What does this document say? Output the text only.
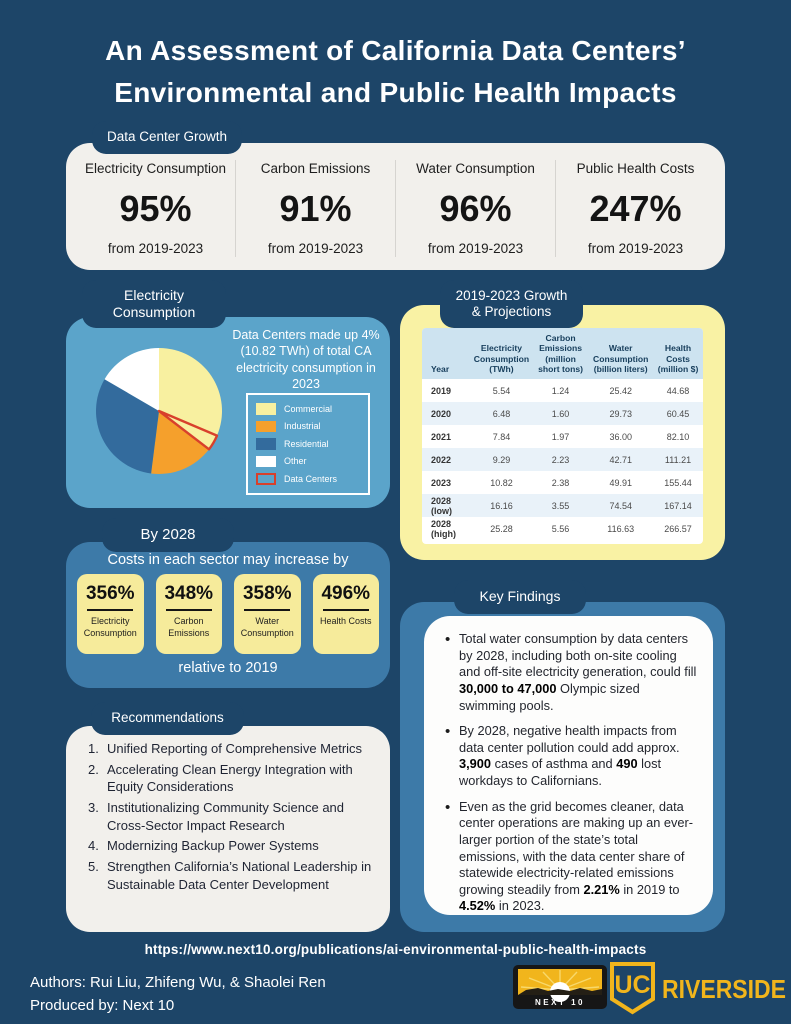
An Assessment of California Data Centers’
Environmental and Public Health Impacts
Data Center Growth
Electricity Consumption
95%
from 2019-2023
Carbon Emissions
91%
from 2019-2023
Water Consumption
96%
from 2019-2023
Public Health Costs
247%
from 2019-2023
Electricity
Consumption
Data Centers made up 4% (10.82 TWh) of total CA electricity consumption in 2023
Commercial
Industrial
Residential
Other
Data Centers
2019-2023 Growth
& Projections
Year	Electricity Consumption (TWh)	Carbon Emissions (million short tons)	Water Consumption (billion liters)	Health Costs (million $)
2019	5.54	1.24	25.42	44.68
2020	6.48	1.60	29.73	60.45
2021	7.84	1.97	36.00	82.10
2022	9.29	2.23	42.71	111.21
2023	10.82	2.38	49.91	155.44
2028 (low)	16.16	3.55	74.54	167.14
2028 (high)	25.28	5.56	116.63	266.57
By 2028
Costs in each sector may increase by
356%
Electricity Consumption
348%
Carbon Emissions
358%
Water Consumption
496%
Health Costs
relative to 2019
Recommendations
Unified Reporting of Comprehensive Metrics
Accelerating Clean Energy Integration with Equity Considerations
Institutionalizing Community Science and Cross-Sector Impact Research
Modernizing Backup Power Systems
Strengthen California’s National Leadership in Sustainable Data Center Development
Key Findings
• Total water consumption by data centers by 2028, including both on-site cooling and off-site electricity generation, could fill 30,000 to 47,000 Olympic sized swimming pools.
• By 2028, negative health impacts from data center pollution could add approx. 3,900 cases of asthma and 490 lost workdays to Californians.
• Even as the grid becomes cleaner, data center operations are making up an ever-larger portion of the state’s total emissions, with the data center share of statewide electricity-related emissions growing steadily from 2.21% in 2019 to 4.52% in 2023.
https://www.next10.org/publications/ai-environmental-public-health-impacts
Authors: Rui Liu, Zhifeng Wu, & Shaolei Ren
Produced by: Next 10	NEXT 10
UC RIVERSIDE
